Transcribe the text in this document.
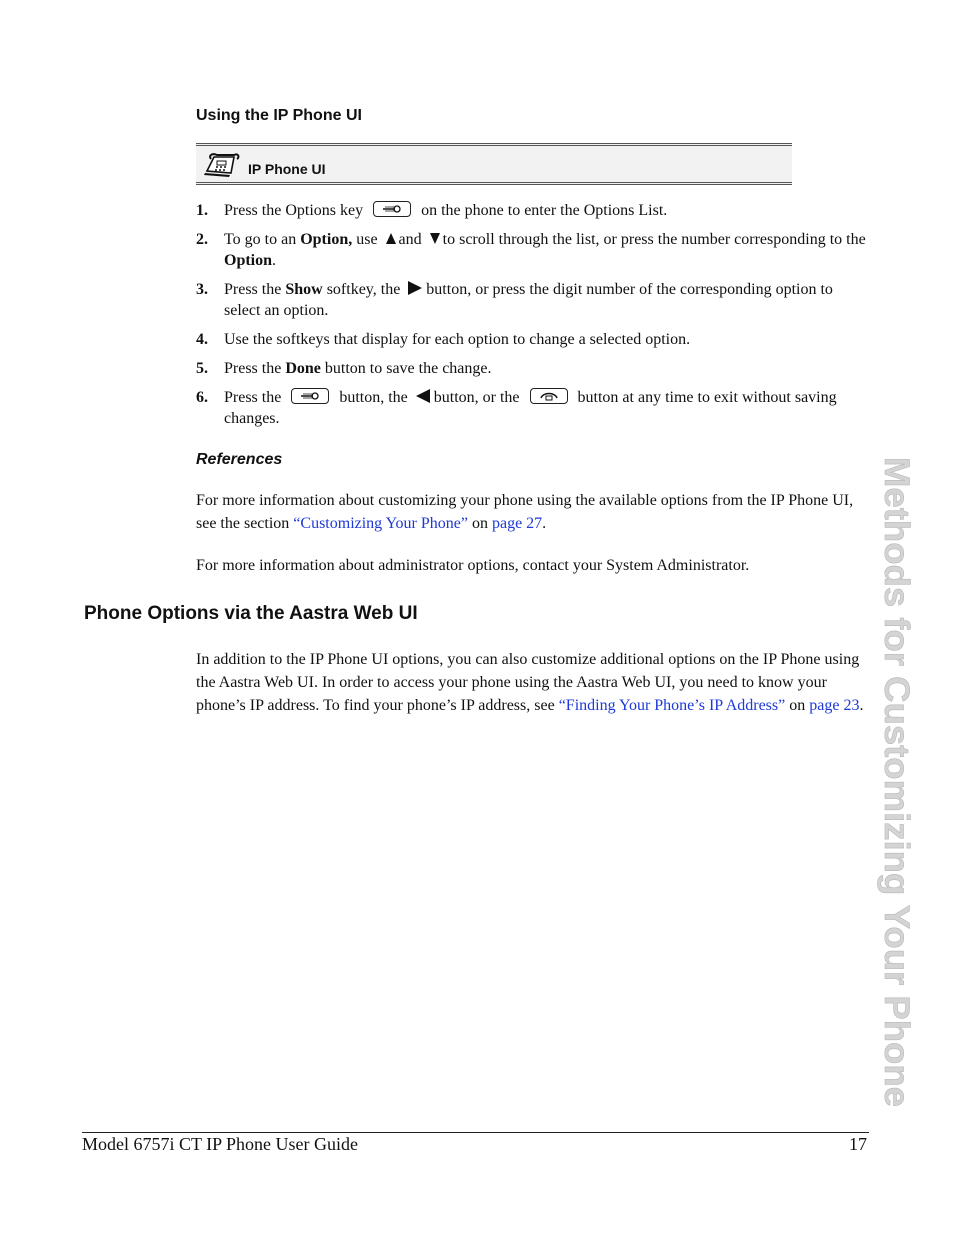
Using the IP Phone UI
IP Phone UI
1. Press the Options key	on the phone to enter the Options List.
2. To go to an Option, use and to scroll through the list, or press the number corresponding to the Option.
3. Press the Show softkey, the button, or press the digit number of the corresponding option to select an option.
4. Use the softkeys that display for each option to change a selected option.
5. Press the Done button to save the change.
6. Press the	button, the button, or the	button at any time to exit without saving changes.
References
For more information about customizing your phone using the available options from the IP Phone UI, see the section “Customizing Your Phone” on page 27.
For more information about administrator options, contact your System Administrator.
Phone Options via the Aastra Web UI
In addition to the IP Phone UI options, you can also customize additional options on the IP Phone using the Aastra Web UI. In order to access your phone using the Aastra Web UI, you need to know your phone’s IP address. To find your phone’s IP address, see “Finding Your Phone’s IP Address” on page 23. Methods for Customizing Your Phone
Model 6757i CT IP Phone User Guide	17
